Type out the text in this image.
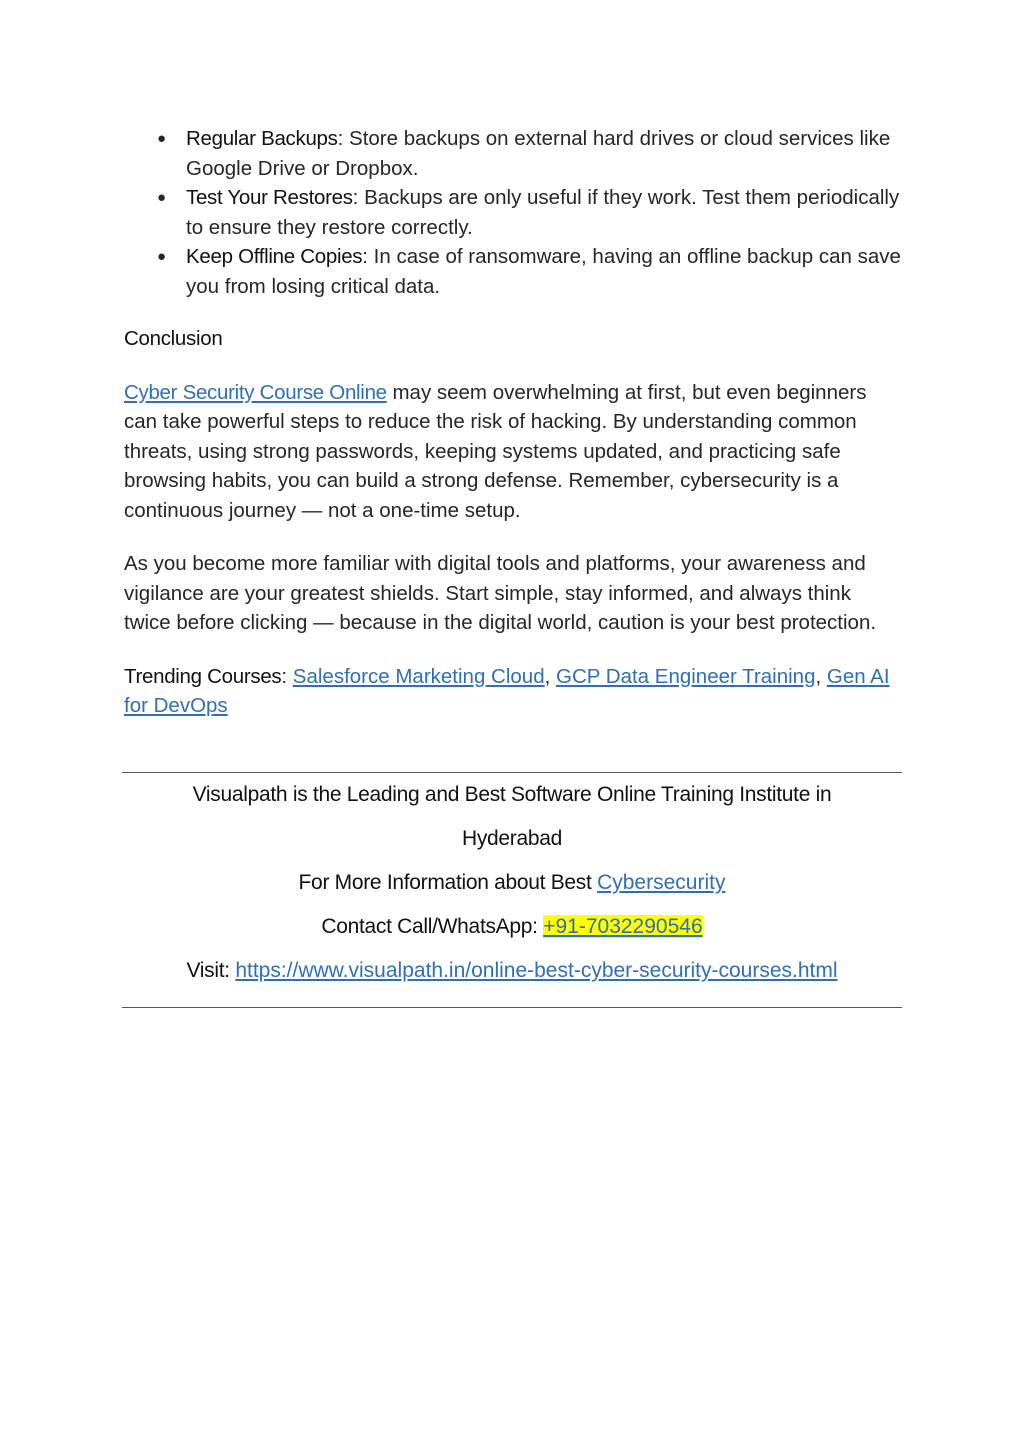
● Regular Backups: Store backups on external hard drives or cloud services like Google Drive or Dropbox.
● Test Your Restores: Backups are only useful if they work. Test them periodically to ensure they restore correctly.
● Keep Offline Copies: In case of ransomware, having an offline backup can save you from losing critical data.
Conclusion

Cyber Security Course Online may seem overwhelming at first, but even beginners can take powerful steps to reduce the risk of hacking. By understanding common threats, using strong passwords, keeping systems updated, and practicing safe browsing habits, you can build a strong defense. Remember, cybersecurity is a continuous journey — not a one-time setup.

As you become more familiar with digital tools and platforms, your awareness and vigilance are your greatest shields. Start simple, stay informed, and always think twice before clicking — because in the digital world, caution is your best protection.

Trending Courses: Salesforce Marketing Cloud, GCP Data Engineer Training, Gen AI for DevOps

Visualpath is the Leading and Best Software Online Training Institute in

Hyderabad

For More Information about Best Cybersecurity

Contact Call/WhatsApp: +91-7032290546

Visit: https://www.visualpath.in/online-best-cyber-security-courses.html
